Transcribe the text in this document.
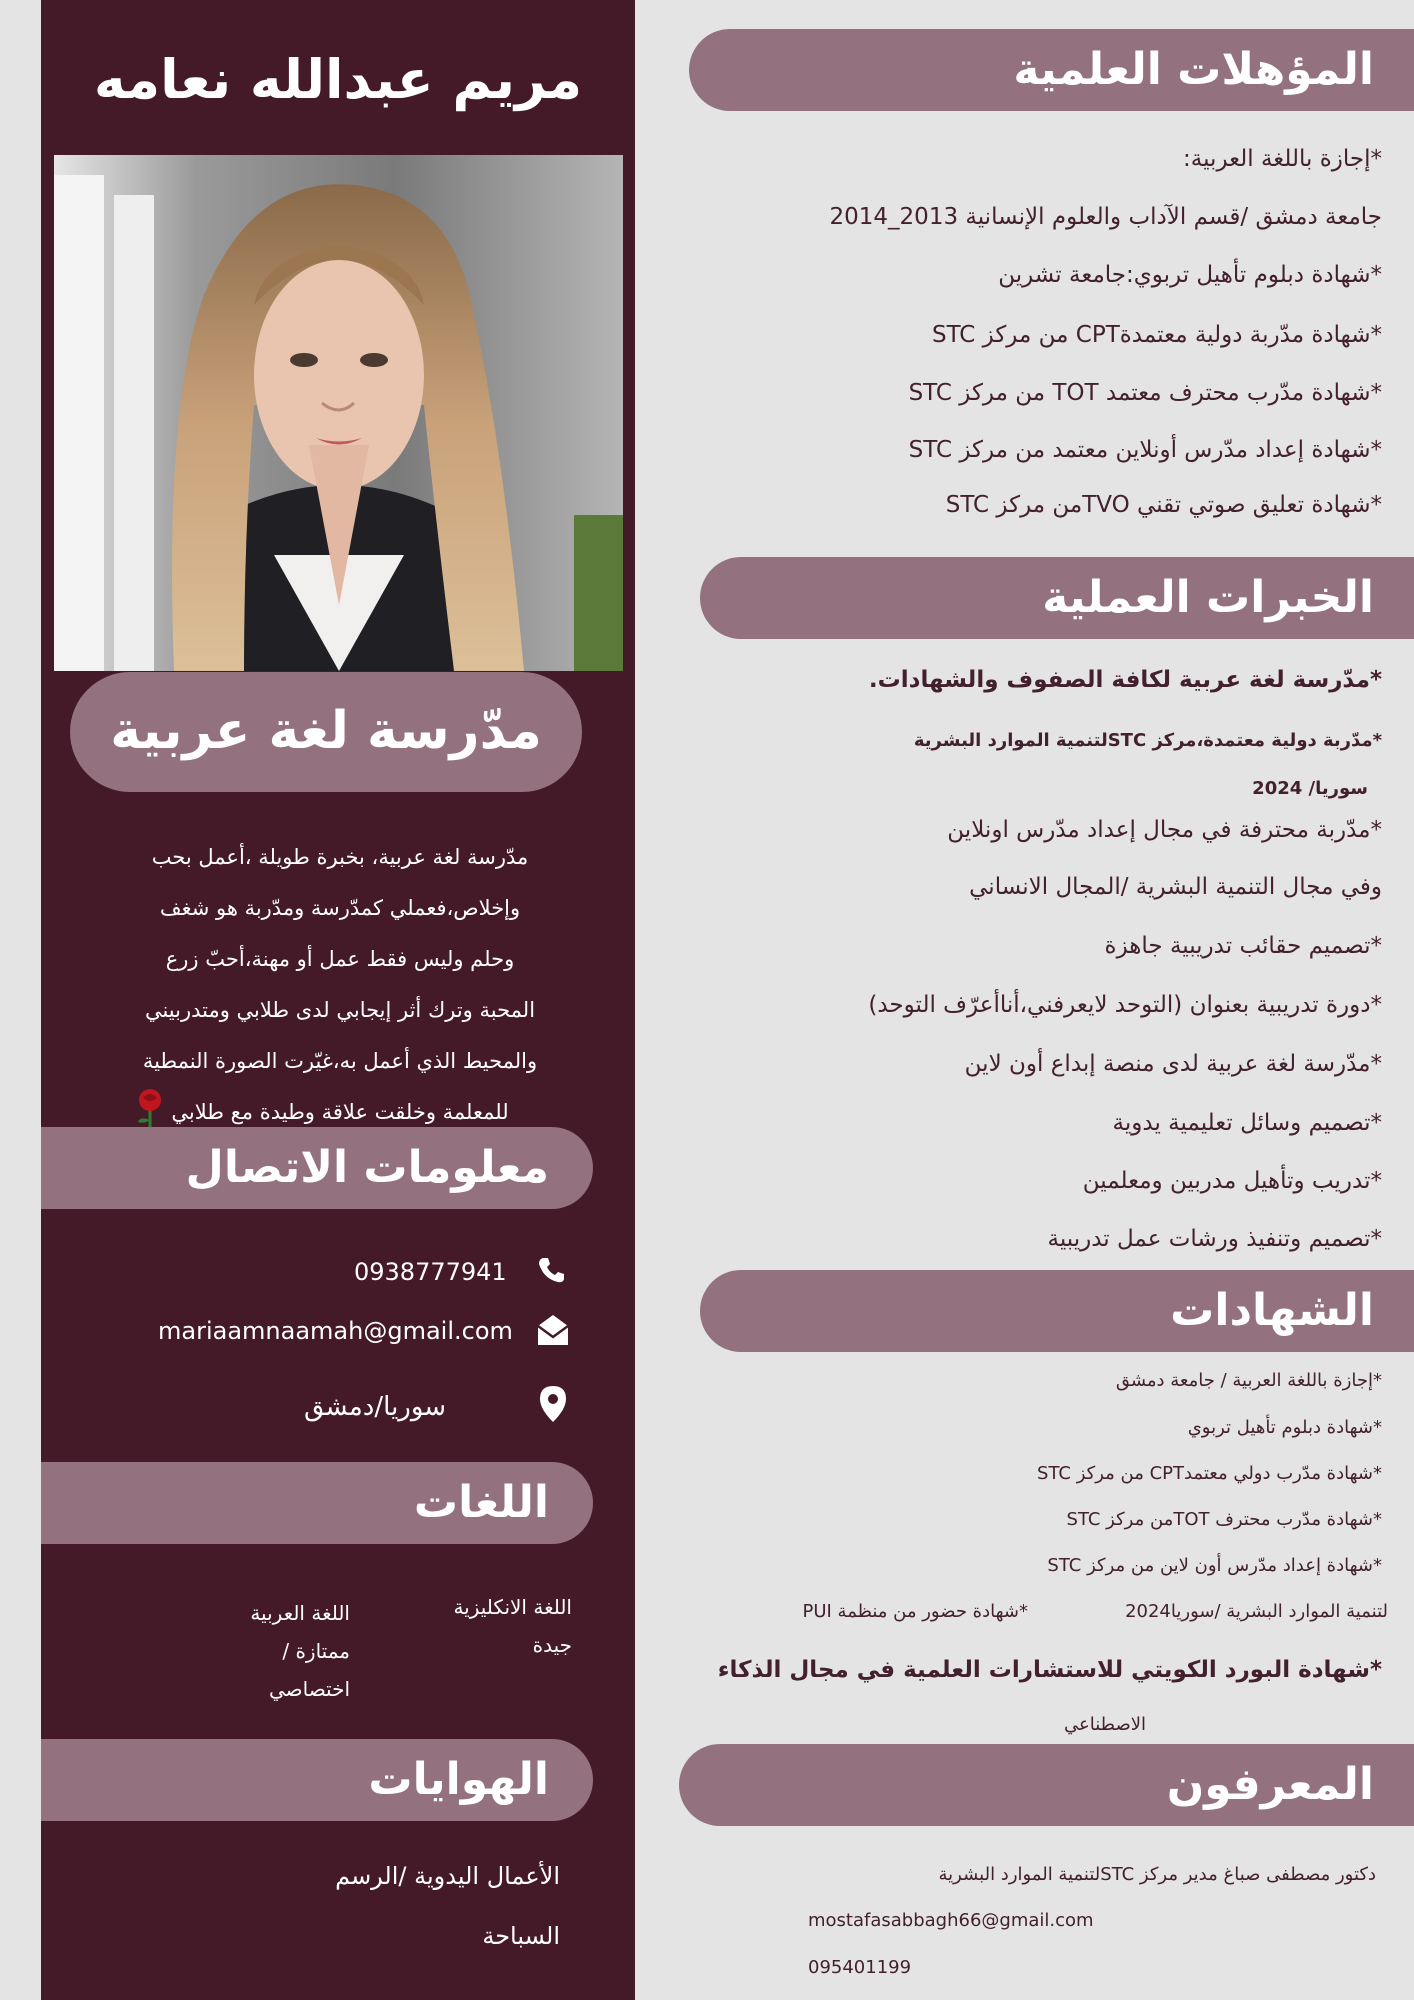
مريم عبدالله نعامه
مدّرسة لغة عربية
مدّرسة لغة عربية، بخبرة طويلة ،أعمل بحب
وإخلاص،فعملي كمدّرسة ومدّربة هو شغف
وحلم وليس فقط عمل أو مهنة،أحبّ زرع
المحبة وترك أثر إيجابي لدى طلابي ومتدربيني
والمحيط الذي أعمل به،غيّرت الصورة النمطية
للمعلمة وخلقت علاقة وطيدة مع طلابي
معلومات الاتصال
0938777941
mariaamnaamah@gmail.com
سوريا/دمشق
اللغات
اللغة الانكليزية
جيدة
اللغة العربية
ممتازة /
اختصاصي
الهوايات
الأعمال اليدوية /الرسم
السباحة
المؤهلات العلمية
*إجازة باللغة العربية:
جامعة دمشق /قسم الآداب والعلوم الإنسانية 2013_2014
*شهادة دبلوم تأهيل تربوي:جامعة تشرين
*شهادة مدّربة دولية معتمدةCPT من مركز STC
*شهادة مدّرب محترف معتمد TOT من مركز STC
*شهادة إعداد مدّرس أونلاين معتمد من مركز STC
*شهادة تعليق صوتي تقني TVOمن مركز STC
الخبرات العملية
*مدّرسة لغة عربية لكافة الصفوف والشهادات.
*مدّربة دولية معتمدة،مركز STCلتنمية الموارد البشرية
سوريا/ 2024
*مدّربة محترفة في مجال إعداد مدّرس اونلاين
وفي مجال التنمية البشرية /المجال الانساني
*تصميم حقائب تدريبية جاهزة
*دورة تدريبية بعنوان (التوحد لايعرفني،أناأعرّف التوحد)
*مدّرسة لغة عربية لدى منصة إبداع أون لاين
*تصميم وسائل تعليمية يدوية
*تدريب وتأهيل مدربين ومعلمين
*تصميم وتنفيذ ورشات عمل تدريبية
الشهادات
*إجازة باللغة العربية / جامعة دمشق
*شهادة دبلوم تأهيل تربوي
*شهادة مدّرب دولي معتمدCPT من مركز STC
*شهادة مدّرب محترف TOTمن مركز STC
*شهادة إعداد مدّرس أون لاين من مركز STC
لتنمية الموارد البشرية /سوريا2024
*شهادة حضور من منظمة PUI
*شهادة البورد الكويتي للاستشارات العلمية في مجال الذكاء
الاصطناعي
المعرفون
دكتور مصطفى صباغ مدير مركز STCلتنمية الموارد البشرية
mostafasabbagh66@gmail.com
095401199
